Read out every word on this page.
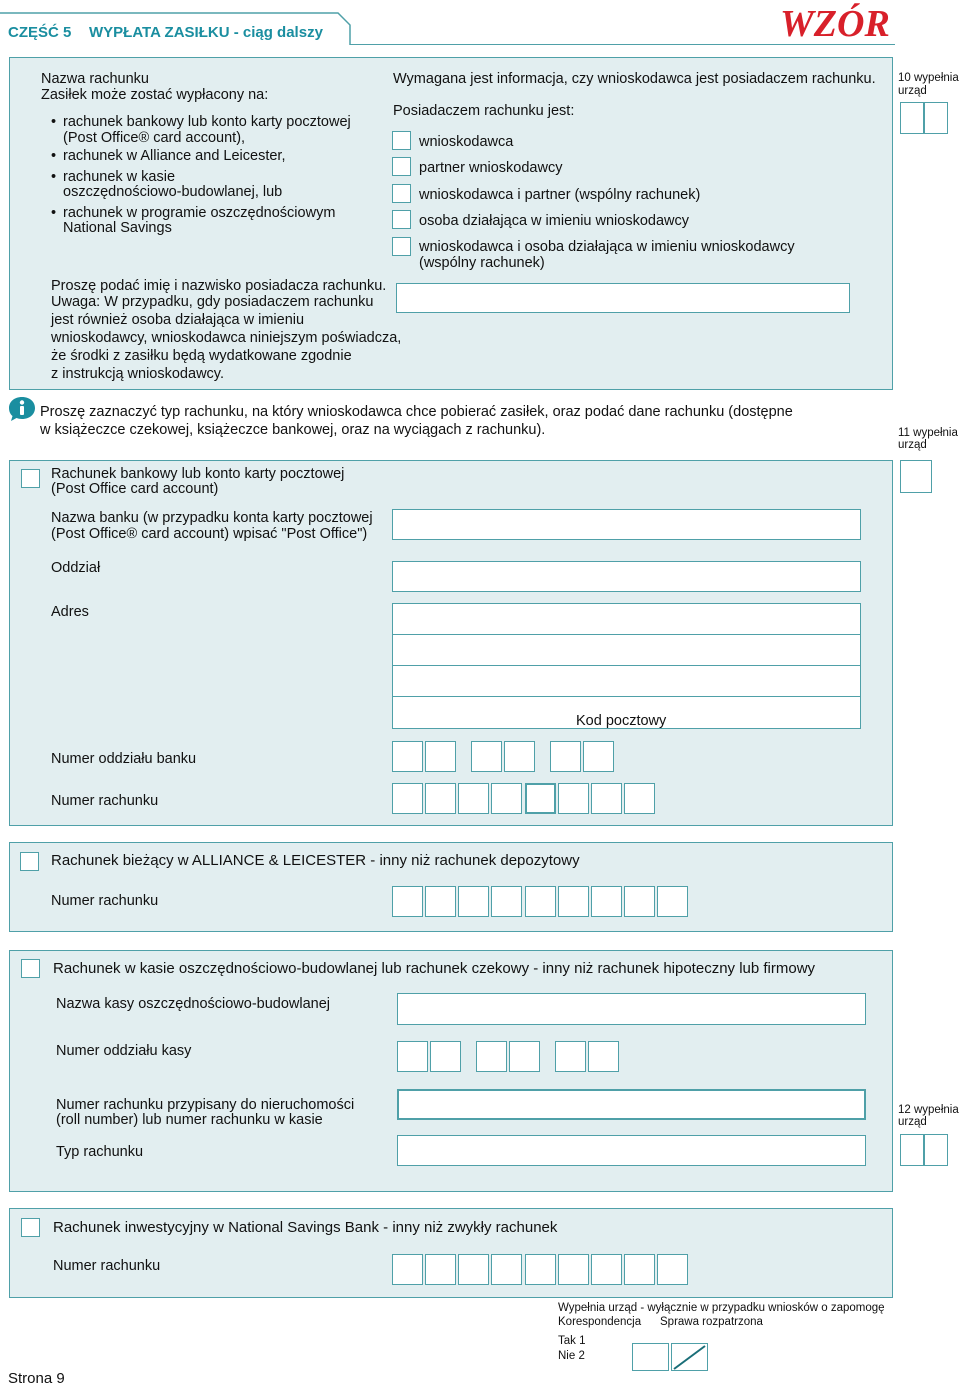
CZĘŚĆ 5 WYPŁATA ZASIŁKU - ciąg dalszy	WZÓR
10 wypełnia
urząd
11 wypełnia
urząd
12 wypełnia
urząd
Nazwa rachunku
Zasiłek może zostać wypłacony na:
• rachunek bankowy lub konto karty pocztowej
(Post Office® card account),
• rachunek w Alliance and Leicester,
• rachunek w kasie
oszczędnościowo-budowlanej, lub
• rachunek w programie oszczędnościowym
National Savings
Proszę podać imię i nazwisko posiadacza rachunku.
Uwaga: W przypadku, gdy posiadaczem rachunku
jest również osoba działająca w imieniu
wnioskodawcy, wnioskodawca niniejszym poświadcza,
że środki z zasiłku będą wydatkowane zgodnie
z instrukcją wnioskodawcy.
Wymagana jest informacja, czy wnioskodawca jest posiadaczem rachunku.
Posiadaczem rachunku jest:
wnioskodawca
partner wnioskodawcy
wnioskodawca i partner (wspólny rachunek)
osoba działająca w imieniu wnioskodawcy
wnioskodawca i osoba działająca w imieniu wnioskodawcy
(wspólny rachunek)
Proszę zaznaczyć typ rachunku, na który wnioskodawca chce pobierać zasiłek, oraz podać dane rachunku (dostępne
w książeczce czekowej, książeczce bankowej, oraz na wyciągach z rachunku).
Rachunek bankowy lub konto karty pocztowej
(Post Office card account)
Nazwa banku (w przypadku konta karty pocztowej
(Post Office® card account) wpisać "Post Office")
Oddział
Adres
Kod pocztowy
Numer oddziału banku
Numer rachunku
Rachunek bieżący w ALLIANCE & LEICESTER - inny niż rachunek depozytowy
Numer rachunku
Rachunek w kasie oszczędnościowo-budowlanej lub rachunek czekowy - inny niż rachunek hipoteczny lub firmowy
Nazwa kasy oszczędnościowo-budowlanej
Numer oddziału kasy
Numer rachunku przypisany do nieruchomości
(roll number) lub numer rachunku w kasie
Typ rachunku
Rachunek inwestycyjny w National Savings Bank - inny niż zwykły rachunek
Numer rachunku
Wypełnia urząd - wyłącznie w przypadku wniosków o zapomogę
Korespondencja Sprawa rozpatrzona
Tak 1
Nie 2
Strona 9
